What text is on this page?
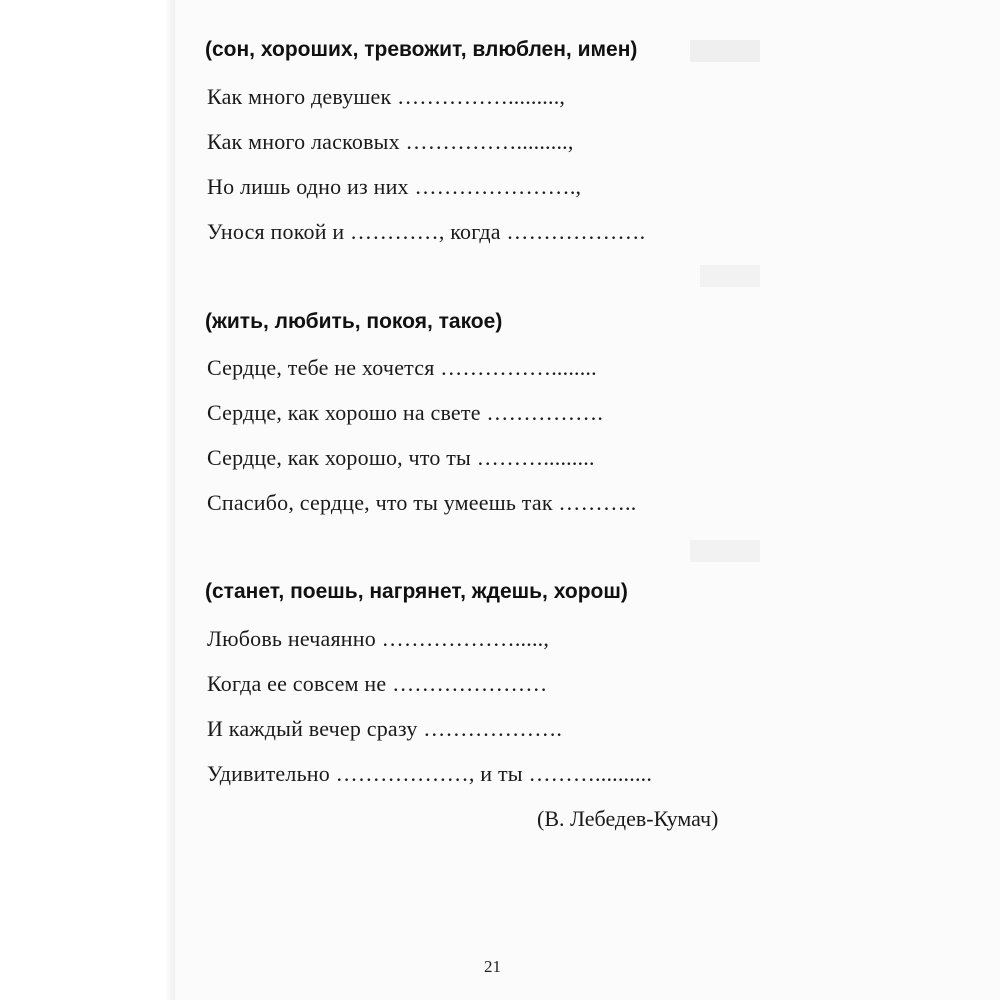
(сон, хороших, тревожит, влюблен, имен)
Как много девушек …………….........,
Как много ласковых …………….........,
Но лишь одно из них ………………….,
Унося покой и …………, когда ……………….
(жить, любить, покоя, такое)
Сердце, тебе не хочется ……………........
Сердце, как хорошо на свете …………….
Сердце, как хорошо, что ты ……….........
Спасибо, сердце, что ты умеешь так ………..
(станет, поешь, нагрянет, ждешь, хорош)
Любовь нечаянно ……………….....,
Когда ее совсем не …………………
И каждый вечер сразу ……………….
Удивительно ………………, и ты ………..........
(В. Лебедев-Кумач)
21
